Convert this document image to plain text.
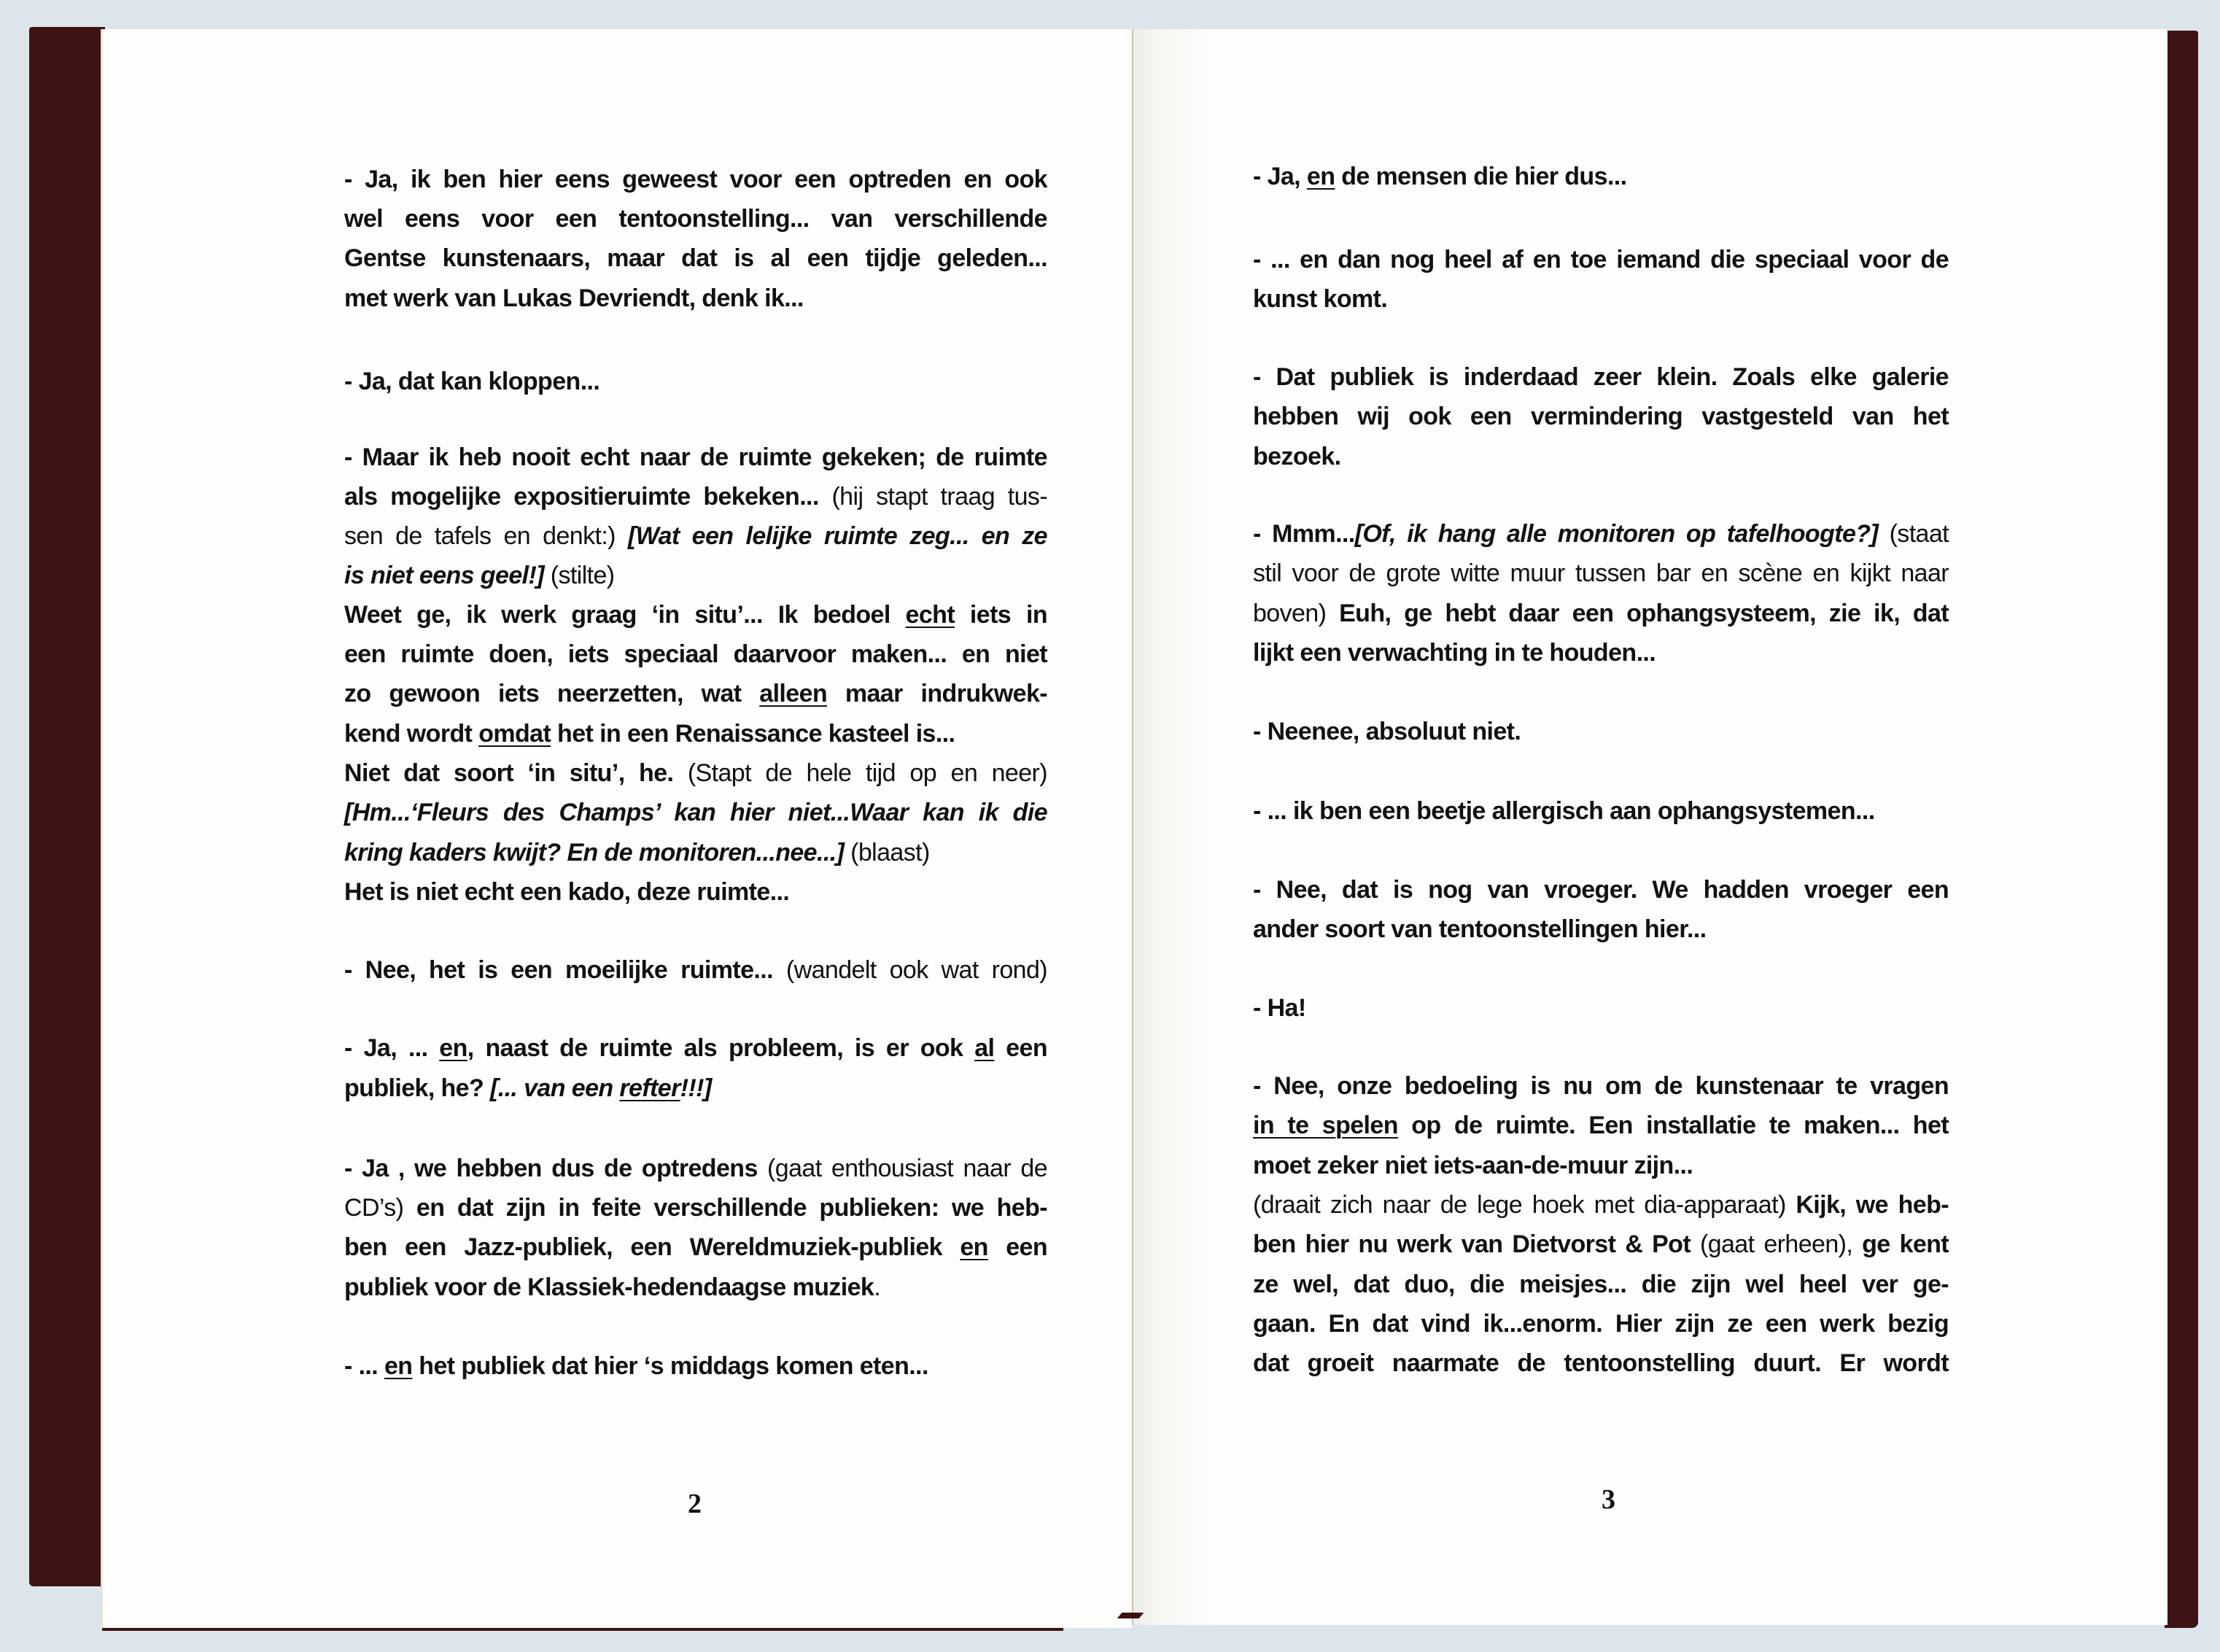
- Ja, ik ben hier eens geweest voor een optreden en ook
wel eens voor een tentoonstelling... van verschillende
Gentse kunstenaars, maar dat is al een tijdje geleden...
met werk van Lukas Devriendt, denk ik...
- Ja, dat kan kloppen...
- Maar ik heb nooit echt naar de ruimte gekeken; de ruimte
als mogelijke expositieruimte bekeken... (hij stapt traag tus-
sen de tafels en denkt:) [Wat een lelijke ruimte zeg... en ze
is niet eens geel!] (stilte)
Weet ge, ik werk graag ‘in situ’... Ik bedoel echt iets in
een ruimte doen, iets speciaal daarvoor maken... en niet
zo gewoon iets neerzetten, wat alleen maar indrukwek-
kend wordt omdat het in een Renaissance kasteel is...
Niet dat soort ‘in situ’, he. (Stapt de hele tijd op en neer)
[Hm...‘Fleurs des Champs’ kan hier niet...Waar kan ik die
kring kaders kwijt? En de monitoren...nee...] (blaast)
Het is niet echt een kado, deze ruimte...
- Nee, het is een moeilijke ruimte... (wandelt ook wat rond)
- Ja, ... en, naast de ruimte als probleem, is er ook al een
publiek, he? [... van een refter!!!]
- Ja , we hebben dus de optredens (gaat enthousiast naar de
CD’s) en dat zijn in feite verschillende publieken: we heb-
ben een Jazz-publiek, een Wereldmuziek-publiek en een
publiek voor de Klassiek-hedendaagse muziek.
- ... en het publiek dat hier ‘s middags komen eten...
- Ja, en de mensen die hier dus...
- ... en dan nog heel af en toe iemand die speciaal voor de
kunst komt.
- Dat publiek is inderdaad zeer klein. Zoals elke galerie
hebben wij ook een vermindering vastgesteld van het
bezoek.
- Mmm...[Of, ik hang alle monitoren op tafelhoogte?] (staat
stil voor de grote witte muur tussen bar en scène en kijkt naar
boven) Euh, ge hebt daar een ophangsysteem, zie ik, dat
lijkt een verwachting in te houden...
- Neenee, absoluut niet.
- ... ik ben een beetje allergisch aan ophangsystemen...
- Nee, dat is nog van vroeger. We hadden vroeger een
ander soort van tentoonstellingen hier...
- Ha!
- Nee, onze bedoeling is nu om de kunstenaar te vragen
in te spelen op de ruimte. Een installatie te maken... het
moet zeker niet iets-aan-de-muur zijn...
(draait zich naar de lege hoek met dia-apparaat) Kijk, we heb-
ben hier nu werk van Dietvorst & Pot (gaat erheen), ge kent
ze wel, dat duo, die meisjes... die zijn wel heel ver ge-
gaan. En dat vind ik...enorm. Hier zijn ze een werk bezig
dat groeit naarmate de tentoonstelling duurt. Er wordt
2	3
